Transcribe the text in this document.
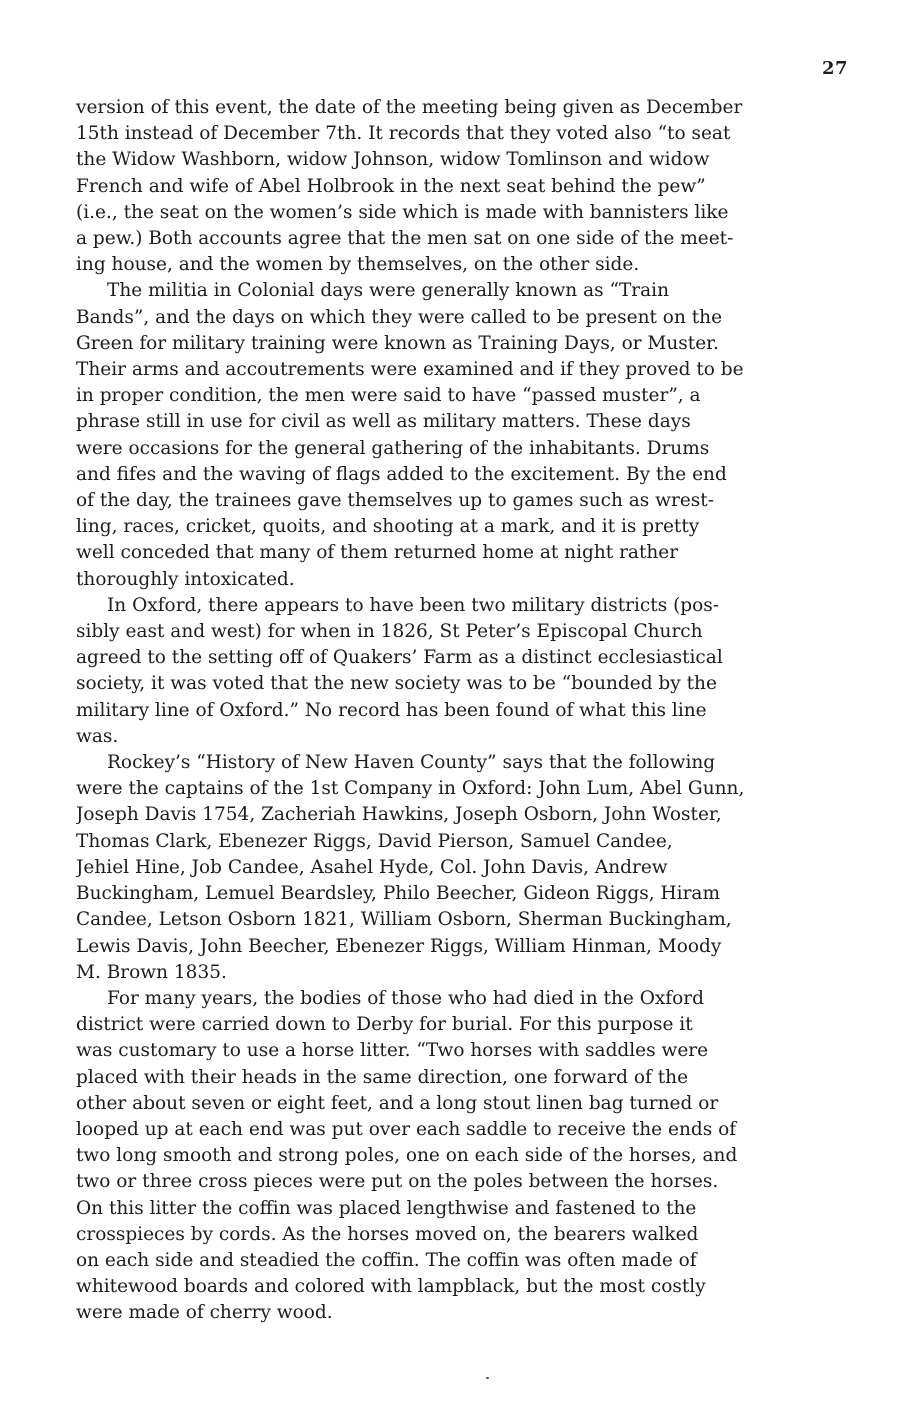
27
version of this event, the date of the meeting being given as December
15th instead of December 7th. It records that they voted also “to seat
the Widow Washborn, widow Johnson, widow Tomlinson and widow
French and wife of Abel Holbrook in the next seat behind the pew”
(i.e., the seat on the women’s side which is made with bannisters like
a pew.) Both accounts agree that the men sat on one side of the meet-
ing house, and the women by themselves, on the other side.
The militia in Colonial days were generally known as “Train
Bands”, and the days on which they were called to be present on the
Green for military training were known as Training Days, or Muster.
Their arms and accoutrements were examined and if they proved to be
in proper condition, the men were said to have “passed muster”, a
phrase still in use for civil as well as military matters. These days
were occasions for the general gathering of the inhabitants. Drums
and fifes and the waving of flags added to the excitement. By the end
of the day, the trainees gave themselves up to games such as wrest-
ling, races, cricket, quoits, and shooting at a mark, and it is pretty
well conceded that many of them returned home at night rather
thoroughly intoxicated.
In Oxford, there appears to have been two military districts (pos-
sibly east and west) for when in 1826, St Peter’s Episcopal Church
agreed to the setting off of Quakers’ Farm as a distinct ecclesiastical
society, it was voted that the new society was to be “bounded by the
military line of Oxford.” No record has been found of what this line
was.
Rockey’s “History of New Haven County” says that the following
were the captains of the 1st Company in Oxford: John Lum, Abel Gunn,
Joseph Davis 1754, Zacheriah Hawkins, Joseph Osborn, John Woster,
Thomas Clark, Ebenezer Riggs, David Pierson, Samuel Candee,
Jehiel Hine, Job Candee, Asahel Hyde, Col. John Davis, Andrew
Buckingham, Lemuel Beardsley, Philo Beecher, Gideon Riggs, Hiram
Candee, Letson Osborn 1821, William Osborn, Sherman Buckingham,
Lewis Davis, John Beecher, Ebenezer Riggs, William Hinman, Moody
M. Brown 1835.
For many years, the bodies of those who had died in the Oxford
district were carried down to Derby for burial. For this purpose it
was customary to use a horse litter. “Two horses with saddles were
placed with their heads in the same direction, one forward of the
other about seven or eight feet, and a long stout linen bag turned or
looped up at each end was put over each saddle to receive the ends of
two long smooth and strong poles, one on each side of the horses, and
two or three cross pieces were put on the poles between the horses.
On this litter the coffin was placed lengthwise and fastened to the
crosspieces by cords. As the horses moved on, the bearers walked
on each side and steadied the coffin. The coffin was often made of
whitewood boards and colored with lampblack, but the most costly
were made of cherry wood.
